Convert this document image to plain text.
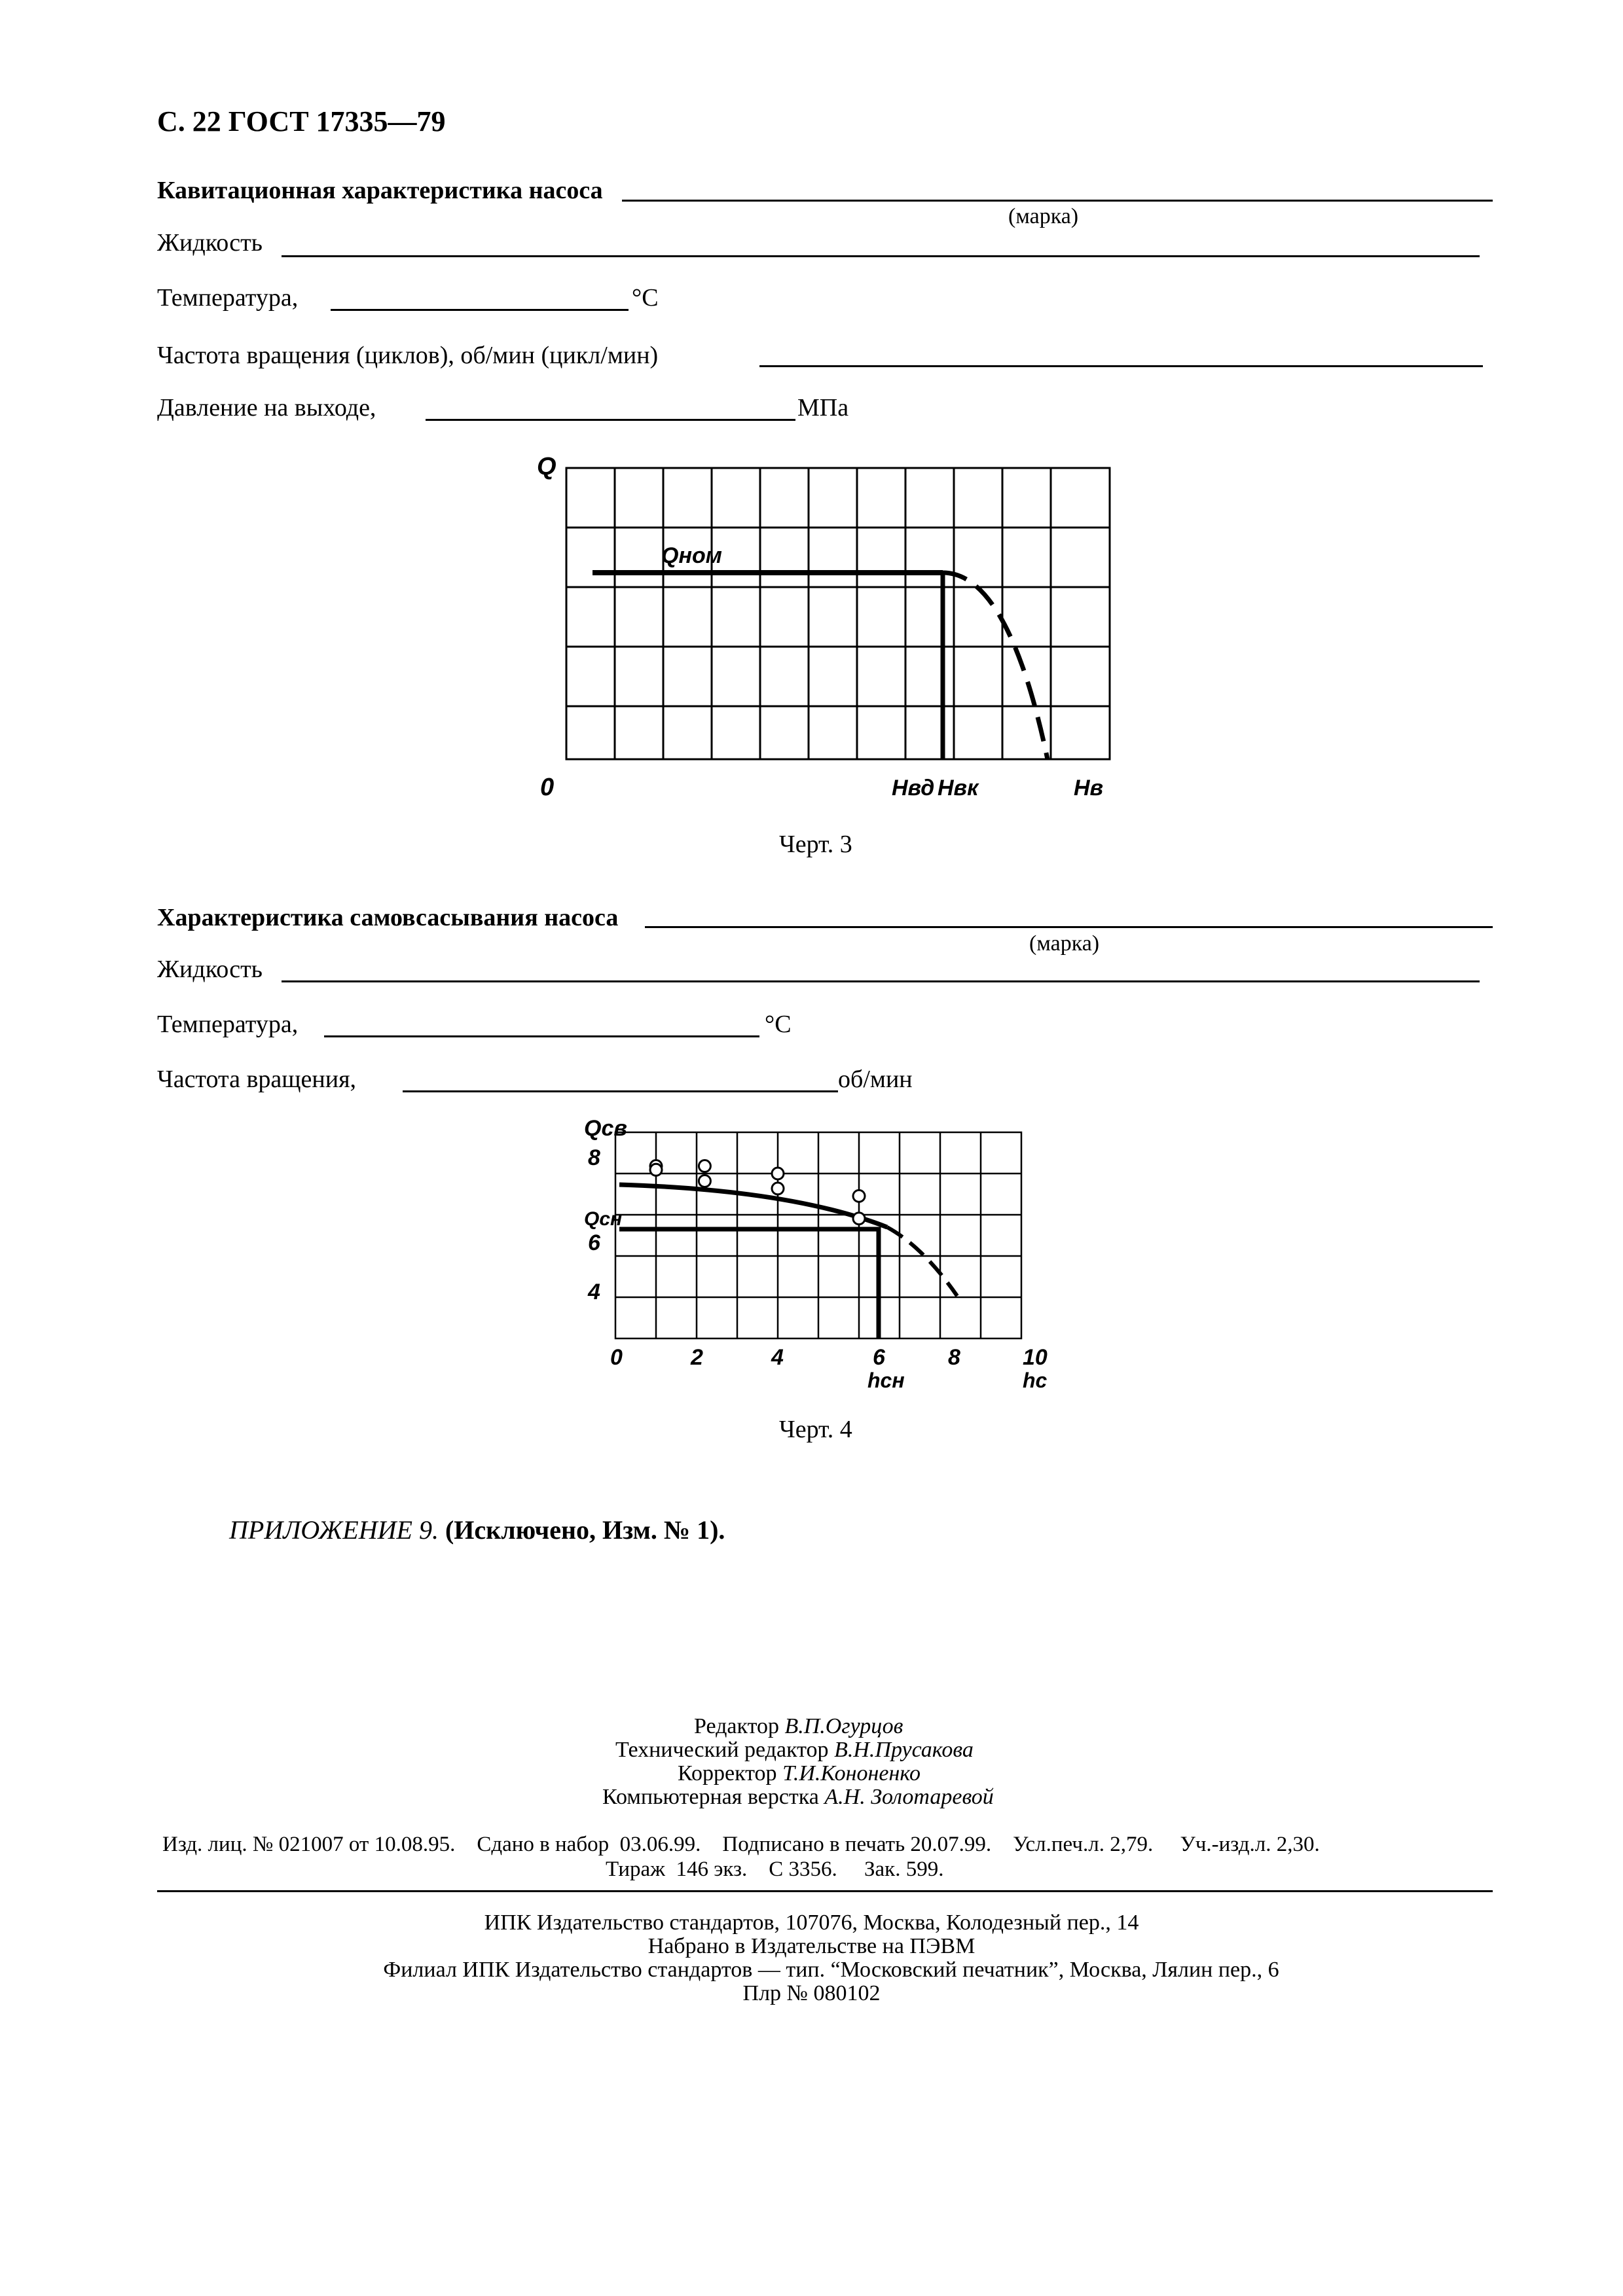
С. 22 ГОСТ 17335—79
Кавитационная характеристика насоса
(марка)
Жидкость
Температура,	°С
Частота вращения (циклов), об/мин (цикл/мин)
Давление на выходе,	МПа
Q
0
Qном
Hвд Hвк	Hв
Черт. 3
Характеристика самовсасывания насоса
(марка)
Жидкость
Температура,	°С
Частота вращения,	об/мин
Qсв
8
Qсн
6
4
0	2	4	6	8	10
hсн	hс
Черт. 4
ПРИЛОЖЕНИЕ 9. (Исключено, Изм. № 1).
Редактор В.П.Огурцов
Технический редактор В.Н.Прусакова
Корректор Т.И.Кононенко
Компьютерная верстка А.Н. Золотаревой
Изд. лиц. № 021007 от 10.08.95.    Сдано в набор  03.06.99.    Подписано в печать 20.07.99.    Усл.печ.л. 2,79.     Уч.-изд.л. 2,30.
Тираж  146 экз.    С 3356.     Зак. 599.
ИПК Издательство стандартов, 107076, Москва, Колодезный пер., 14
Набрано в Издательстве на ПЭВМ
Филиал ИПК Издательство стандартов — тип. “Московский печатник”, Москва, Лялин пер., 6
Плр № 080102
